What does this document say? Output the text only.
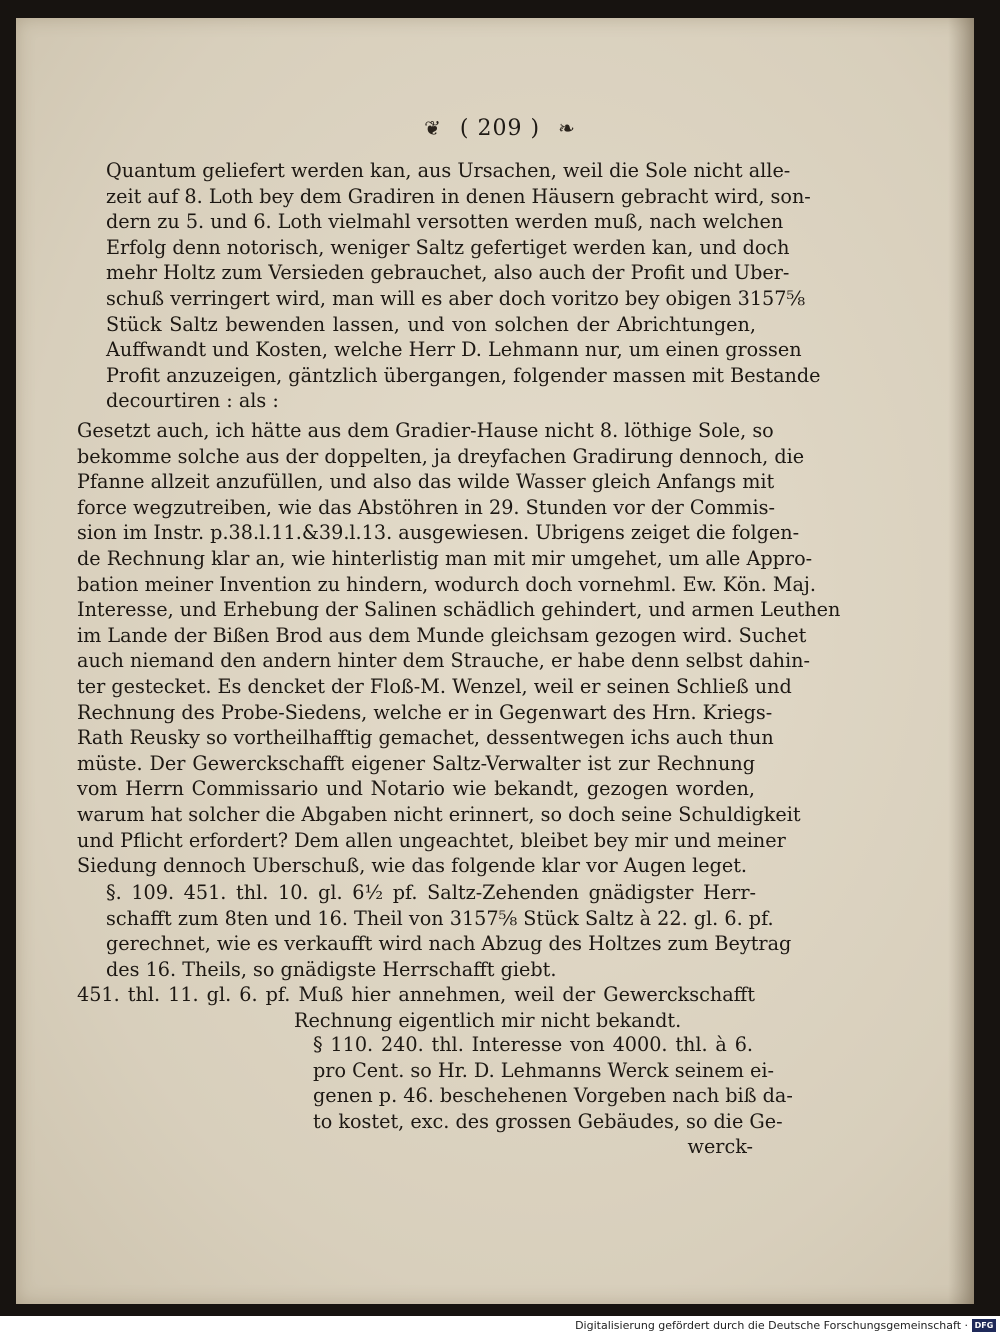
❦ ( 209 ) ❧
Quantum geliefert werden kan, aus Ursachen, weil die Sole nicht alle-
zeit auf 8. Loth bey dem Gradiren in denen Häusern gebracht wird, son-
dern zu 5. und 6. Loth vielmahl versotten werden muß, nach welchen
Erfolg denn notorisch, weniger Saltz gefertiget werden kan, und doch
mehr Holtz zum Versieden gebrauchet, also auch der Profit und Uber-
schuß verringert wird, man will es aber doch voritzo bey obigen 3157⅝
Stück Saltz bewenden lassen, und von solchen der Abrichtungen,
Auffwandt und Kosten, welche Herr D. Lehmann nur, um einen grossen
Profit anzuzeigen, gäntzlich übergangen, folgender massen mit Bestande
decourtiren : als :
Gesetzt auch, ich hätte aus dem Gradier-Hause nicht 8. löthige Sole, so
bekomme solche aus der doppelten, ja dreyfachen Gradirung dennoch, die
Pfanne allzeit anzufüllen, und also das wilde Wasser gleich Anfangs mit
force wegzutreiben, wie das Abstöhren in 29. Stunden vor der Commis-
sion im Instr. p.38.l.11.&39.l.13. ausgewiesen. Ubrigens zeiget die folgen-
de Rechnung klar an, wie hinterlistig man mit mir umgehet, um alle Appro-
bation meiner Invention zu hindern, wodurch doch vornehml. Ew. Kön. Maj.
Interesse, und Erhebung der Salinen schädlich gehindert, und armen Leuthen
im Lande der Bißen Brod aus dem Munde gleichsam gezogen wird. Suchet
auch niemand den andern hinter dem Strauche, er habe denn selbst dahin-
ter gestecket. Es dencket der Floß-M. Wenzel, weil er seinen Schließ und
Rechnung des Probe-Siedens, welche er in Gegenwart des Hrn. Kriegs-
Rath Reusky so vortheilhafftig gemachet, dessentwegen ichs auch thun
müste. Der Gewerckschafft eigener Saltz-Verwalter ist zur Rechnung
vom Herrn Commissario und Notario wie bekandt, gezogen worden,
warum hat solcher die Abgaben nicht erinnert, so doch seine Schuldigkeit
und Pflicht erfordert? Dem allen ungeachtet, bleibet bey mir und meiner
Siedung dennoch Uberschuß, wie das folgende klar vor Augen leget.
§. 109. 451. thl. 10. gl. 6½ pf. Saltz-Zehenden gnädigster Herr-
schafft zum 8ten und 16. Theil von 3157⅝ Stück Saltz à 22. gl. 6. pf.
gerechnet, wie es verkaufft wird nach Abzug des Holtzes zum Beytrag
des 16. Theils, so gnädigste Herrschafft giebt.
451. thl. 11. gl. 6. pf. Muß hier annehmen, weil der Gewerckschafft
Rechnung eigentlich mir nicht bekandt.
§ 110. 240. thl. Interesse von 4000. thl. à 6.
pro Cent. so Hr. D. Lehmanns Werck seinem ei-
genen p. 46. beschehenen Vorgeben nach biß da-
to kostet, exc. des grossen Gebäudes, so die Ge-
werck-
Digitalisierung gefördert durch die Deutsche Forschungsgemeinschaft · DFG
